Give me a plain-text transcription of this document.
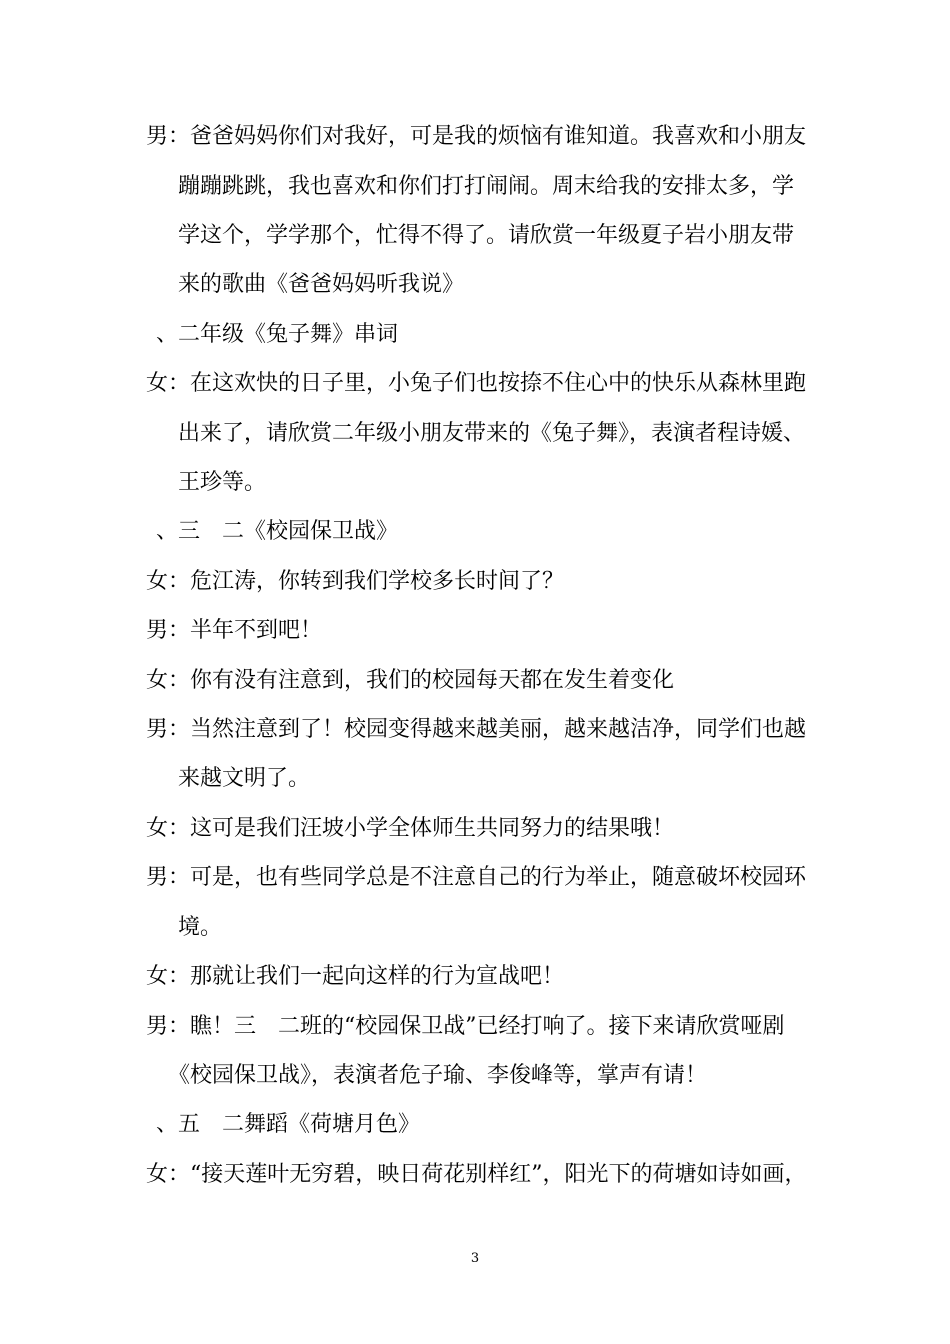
男：爸爸妈妈你们对我好，可是我的烦恼有谁知道。我喜欢和小朋友
蹦蹦跳跳，我也喜欢和你们打打闹闹。周末给我的安排太多，学
学这个，学学那个，忙得不得了。请欣赏一年级夏子岩小朋友带
来的歌曲《爸爸妈妈听我说》
、二年级《兔子舞》串词
女：在这欢快的日子里，小兔子们也按捺不住心中的快乐从森林里跑
出来了，请欣赏二年级小朋友带来的《兔子舞》，表演者程诗媛、
王珍等。
、三　二《校园保卫战》
女：危江涛，你转到我们学校多长时间了？
男：半年不到吧！
女：你有没有注意到，我们的校园每天都在发生着变化
男：当然注意到了！校园变得越来越美丽，越来越洁净，同学们也越
来越文明了。
女：这可是我们汪坡小学全体师生共同努力的结果哦！
男：可是，也有些同学总是不注意自己的行为举止，随意破坏校园环
境。
女：那就让我们一起向这样的行为宣战吧！
男：瞧！三　二班的“校园保卫战”已经打响了。接下来请欣赏哑剧
《校园保卫战》，表演者危子瑜、李俊峰等，掌声有请！
、五　二舞蹈《荷塘月色》
女：“接天莲叶无穷碧，映日荷花别样红”，阳光下的荷塘如诗如画，
3
